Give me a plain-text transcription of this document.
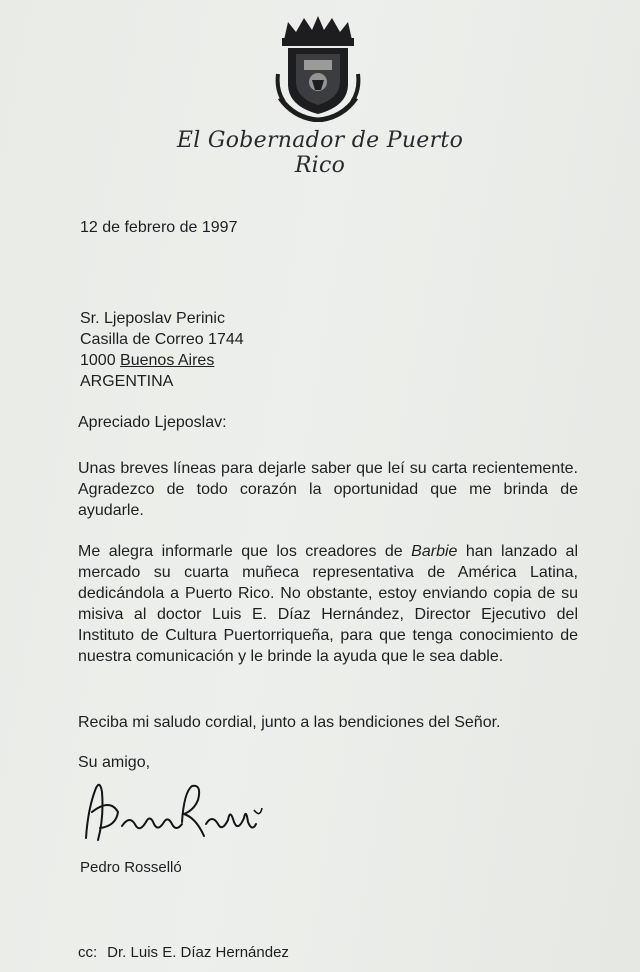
El Gobernador de Puerto Rico
12 de febrero de 1997
Sr. Ljeposlav Perinic
Casilla de Correo 1744
1000 Buenos Aires
ARGENTINA
Apreciado Ljeposlav:
Unas breves líneas para dejarle saber que leí su carta recientemente. Agradezco de todo corazón la oportunidad que me brinda de ayudarle.
Me alegra informarle que los creadores de Barbie han lanzado al mercado su cuarta muñeca representativa de América Latina, dedicándola a Puerto Rico. No obstante, estoy enviando copia de su misiva al doctor Luis E. Díaz Hernández, Director Ejecutivo del Instituto de Cultura Puertorriqueña, para que tenga conocimiento de nuestra comunicación y le brinde la ayuda que le sea dable.
Reciba mi saludo cordial, junto a las bendiciones del Señor.
Su amigo,
Pedro Rosselló
cc: Dr. Luis E. Díaz Hernández
